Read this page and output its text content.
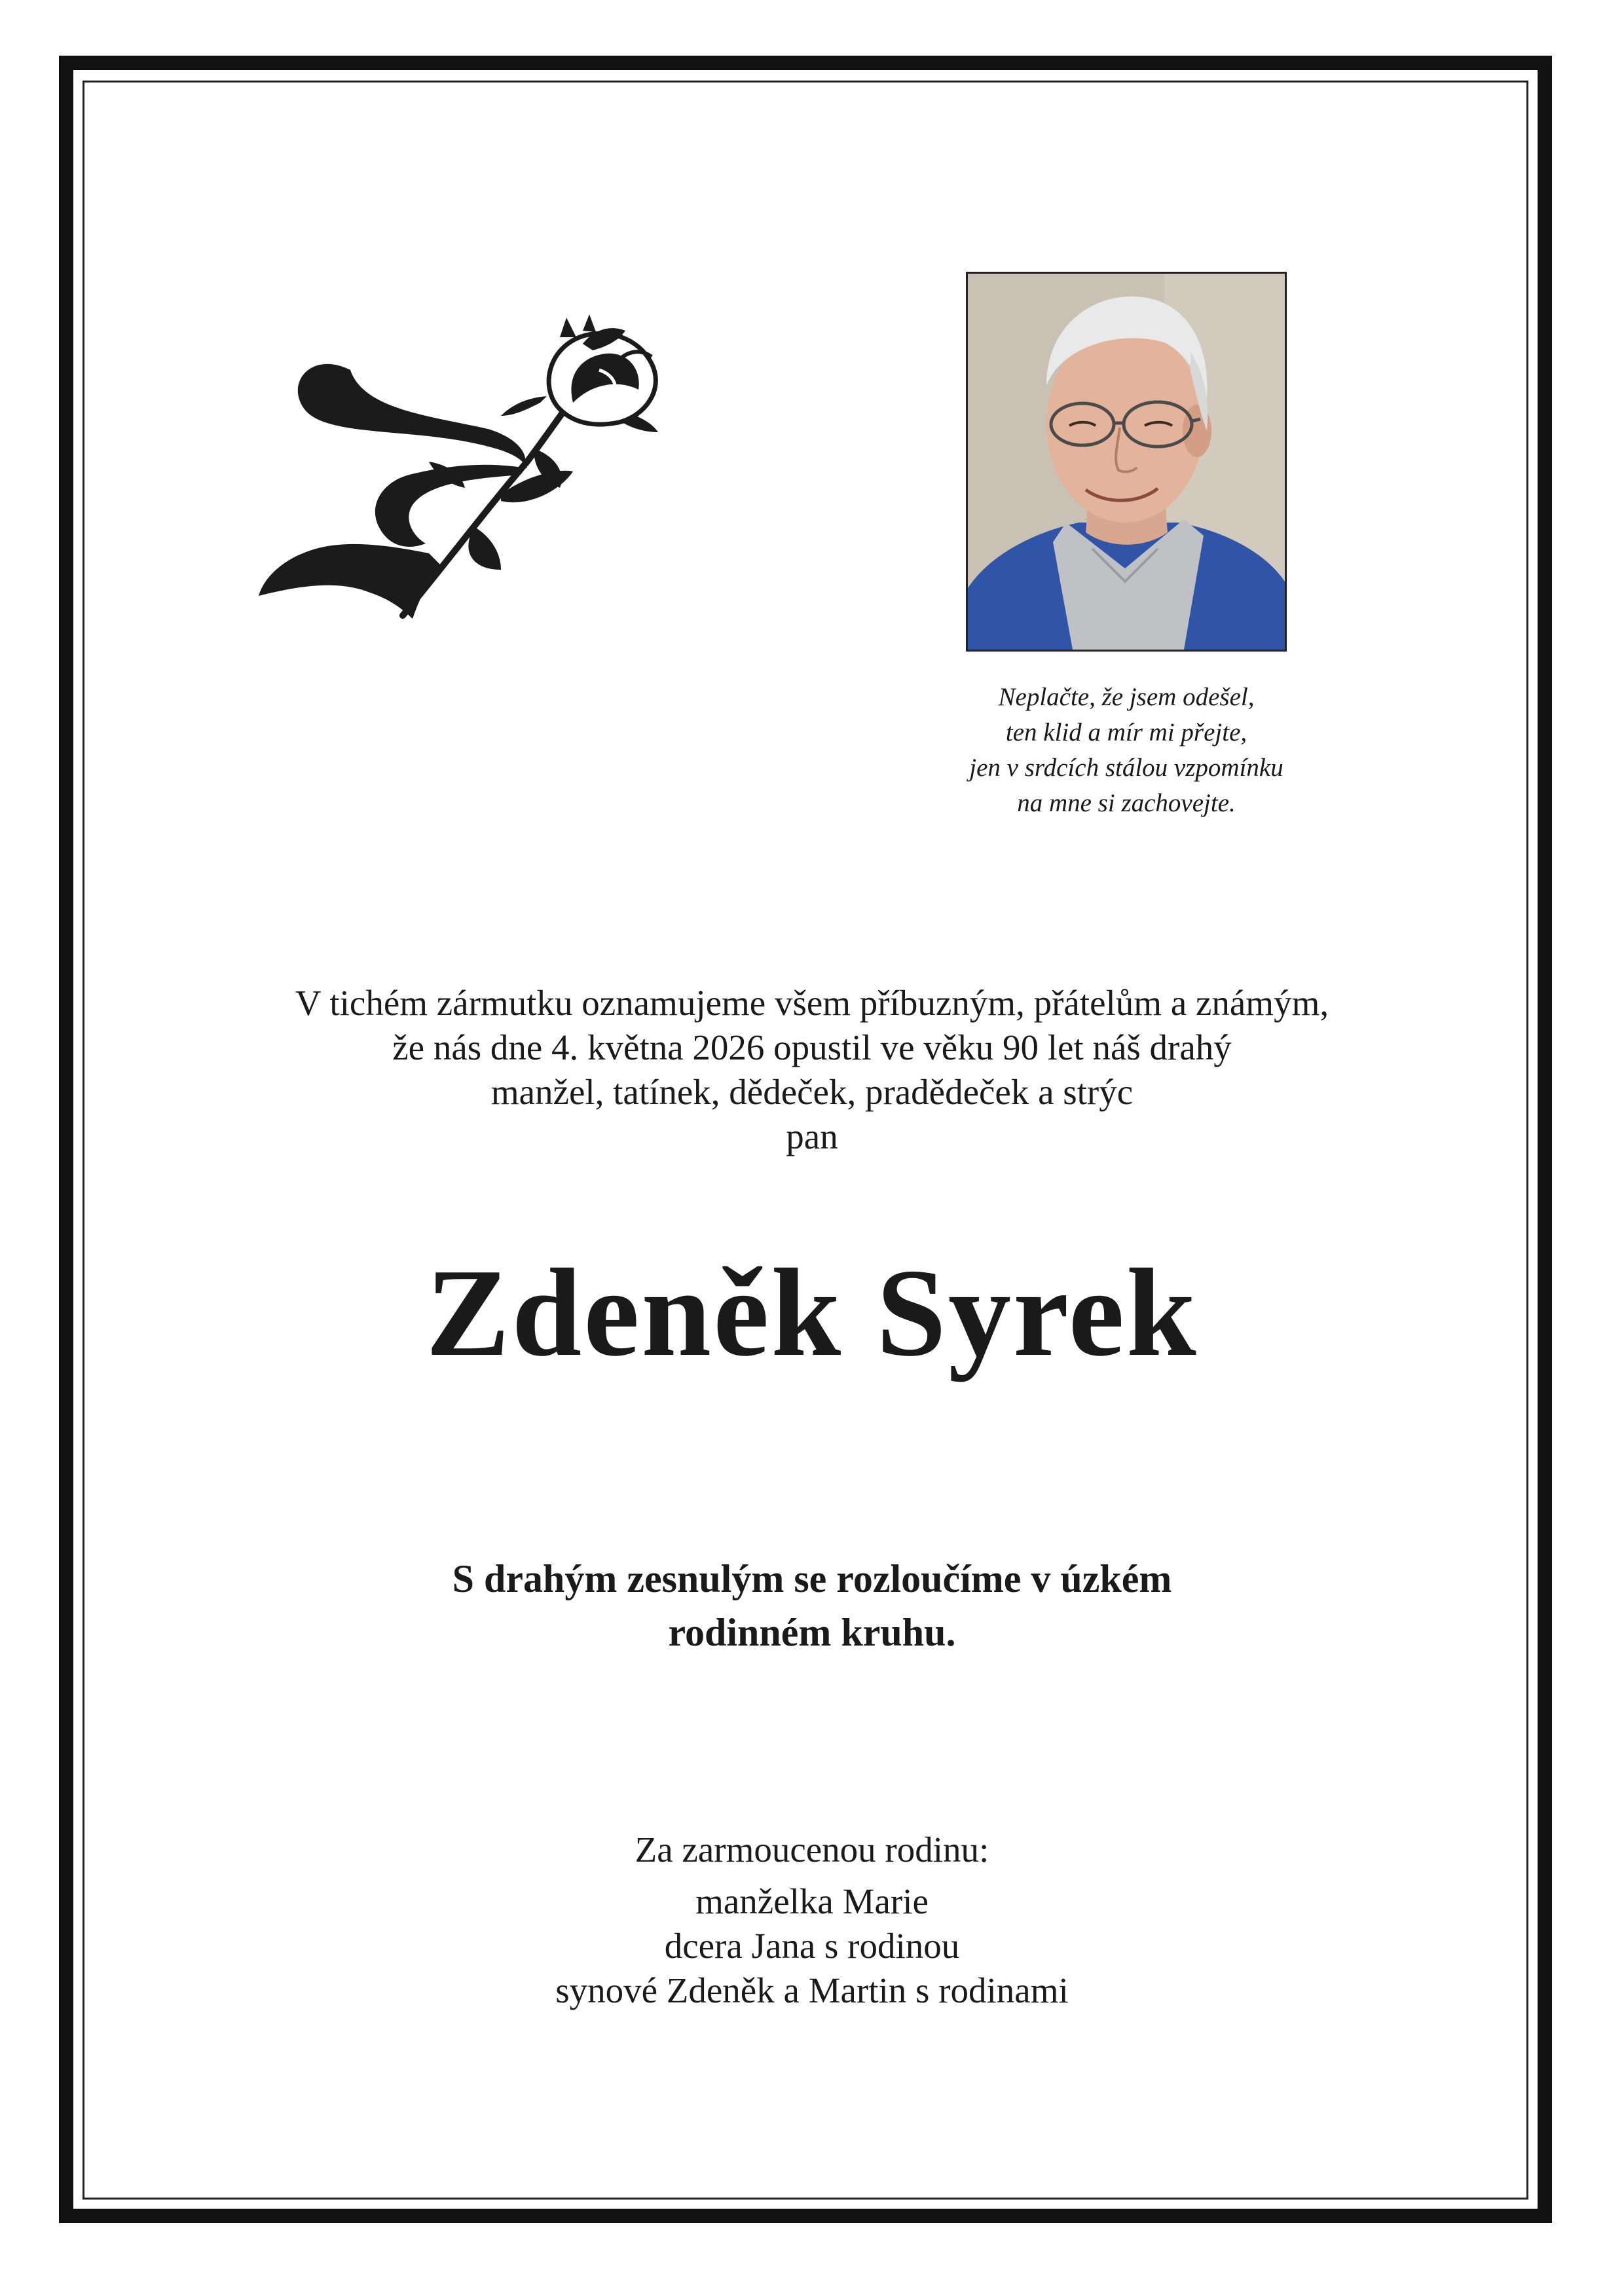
Neplačte, že jsem odešel,
ten klid a mír mi přejte,
jen v srdcích stálou vzpomínku
na mne si zachovejte.
V tichém zármutku oznamujeme všem příbuzným, přátelům a známým,
že nás dne 4. května 2026 opustil ve věku 90 let náš drahý
manžel, tatínek, dědeček, pradědeček a strýc
pan
Zdeněk Syrek
S drahým zesnulým se rozloučíme v úzkém
rodinném kruhu.
Za zarmoucenou rodinu:
manželka Marie
dcera Jana s rodinou
synové Zdeněk a Martin s rodinami
